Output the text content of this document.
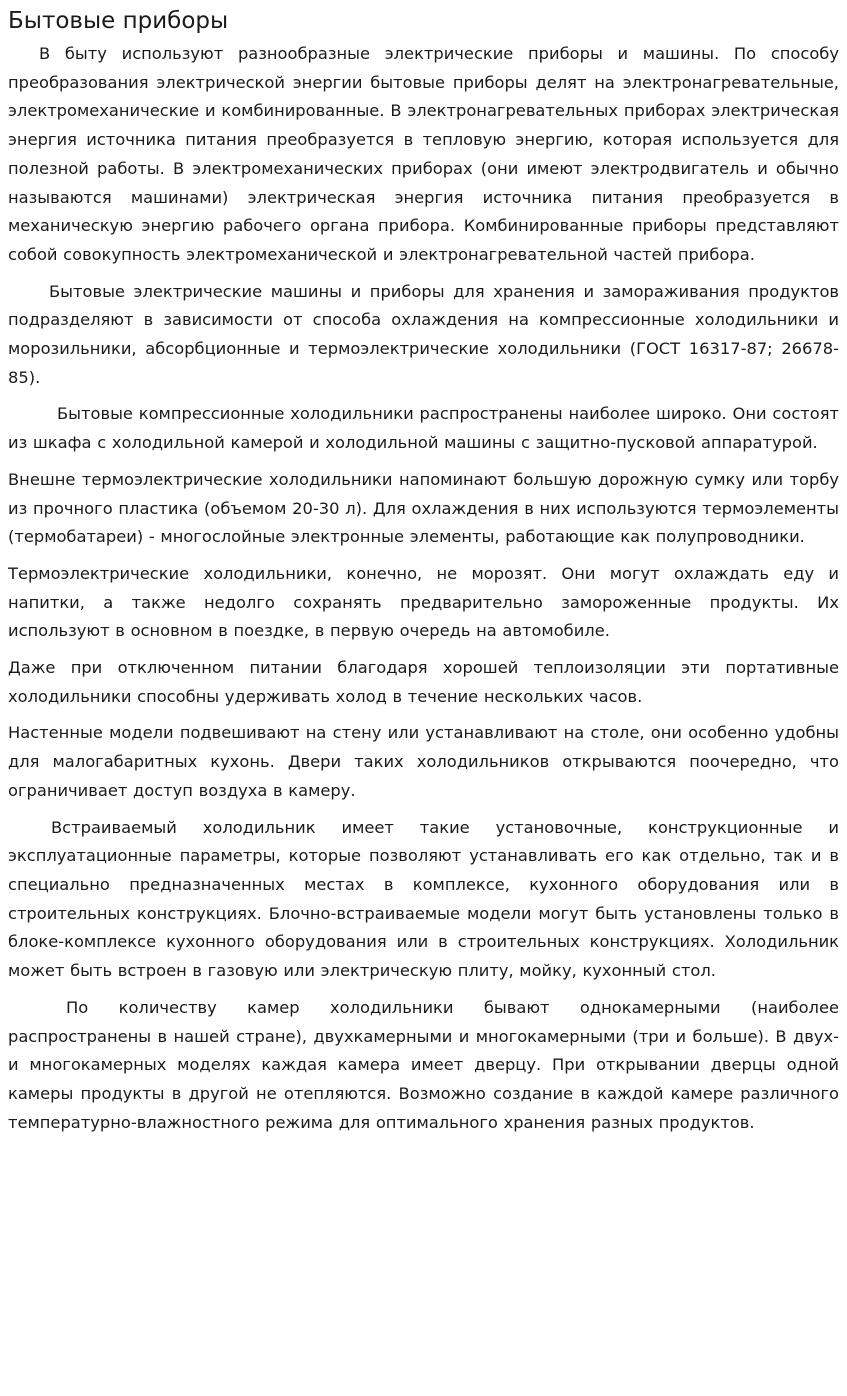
Бытовые приборы

В быту используют разнообразные электрические приборы и машины. По способу преобразования электрической энергии бытовые приборы делят на электронагревательные, электромеханические и комбинированные. В электронагревательных приборах электрическая энергия источника питания преобразуется в тепловую энергию, которая используется для полезной работы. В электромеханических приборах (они имеют электродвигатель и обычно называются машинами) электрическая энергия источника питания преобразуется в механическую энергию рабочего органа прибора. Комбинированные приборы представляют собой совокупность электромеханической и электронагревательной частей прибора.

Бытовые электрические машины и приборы для хранения и замораживания продуктов подразделяют в зависимости от способа охлаждения на компрессионные холодильники и морозильники, абсорбционные и термоэлектрические холодильники (ГОСТ 16317-87; 26678-85).

Бытовые компрессионные холодильники распространены наиболее широко. Они состоят из шкафа с холодильной камерой и холодильной машины с защитно-пусковой аппаратурой.

Внешне термоэлектрические холодильники напоминают большую дорожную сумку или торбу из прочного пластика (объемом 20-30 л). Для охлаждения в них используются термоэлементы (термобатареи) - многослойные электронные элементы, работающие как полупроводники.

Термоэлектрические холодильники, конечно, не морозят. Они могут охлаждать еду и напитки, а также недолго сохранять предварительно замороженные продукты. Их используют в основном в поездке, в первую очередь на автомобиле.

Даже при отключенном питании благодаря хорошей теплоизоляции эти портативные холодильники способны удерживать холод в течение нескольких часов.

Настенные модели подвешивают на стену или устанавливают на столе, они особенно удобны для малогабаритных кухонь. Двери таких холодильников открываются поочередно, что ограничивает доступ воздуха в камеру.

Встраиваемый холодильник имеет такие установочные, конструкционные и эксплуатационные параметры, которые позволяют устанавливать его как отдельно, так и в специально предназначенных местах в комплексе, кухонного оборудования или в строительных конструкциях. Блочно-встраиваемые модели могут быть установлены только в блоке-комплексе кухонного оборудования или в строительных конструкциях. Холодильник может быть встроен в газовую или электрическую плиту, мойку, кухонный стол.

По количеству камер холодильники бывают однокамерными (наиболее распространены в нашей стране), двухкамерными и многокамерными (три и больше). В двух- и многокамерных моделях каждая камера имеет дверцу. При открывании дверцы одной камеры продукты в другой не отепляются. Возможно создание в каждой камере различного температурно-влажностного режима для оптимального хранения разных продуктов.
